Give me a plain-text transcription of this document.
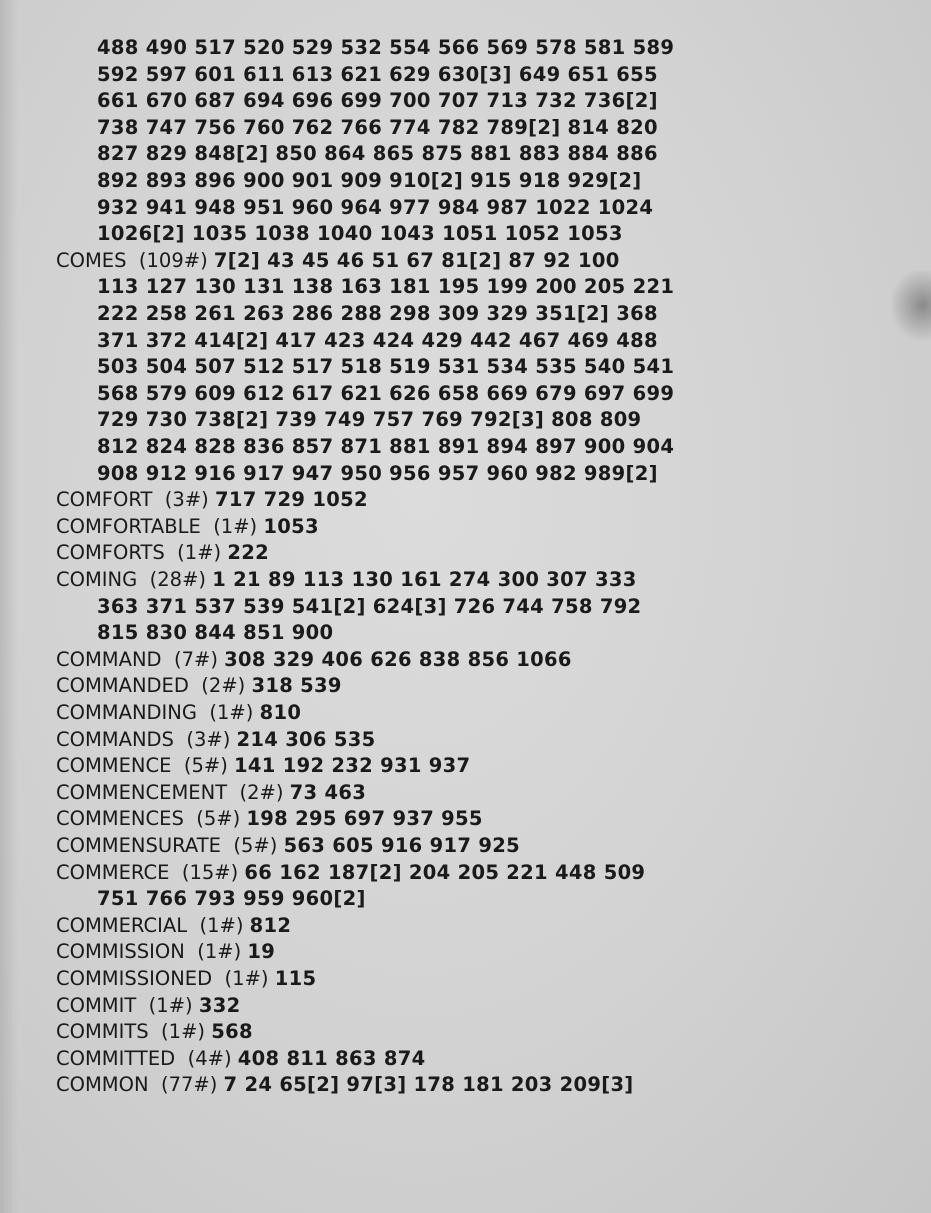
488 490 517 520 529 532 554 566 569 578 581 589
592 597 601 611 613 621 629 630[3] 649 651 655
661 670 687 694 696 699 700 707 713 732 736[2]
738 747 756 760 762 766 774 782 789[2] 814 820
827 829 848[2] 850 864 865 875 881 883 884 886
892 893 896 900 901 909 910[2] 915 918 929[2]
932 941 948 951 960 964 977 984 987 1022 1024
1026[2] 1035 1038 1040 1043 1051 1052 1053
COMES  (109#) 7[2] 43 45 46 51 67 81[2] 87 92 100
113 127 130 131 138 163 181 195 199 200 205 221
222 258 261 263 286 288 298 309 329 351[2] 368
371 372 414[2] 417 423 424 429 442 467 469 488
503 504 507 512 517 518 519 531 534 535 540 541
568 579 609 612 617 621 626 658 669 679 697 699
729 730 738[2] 739 749 757 769 792[3] 808 809
812 824 828 836 857 871 881 891 894 897 900 904
908 912 916 917 947 950 956 957 960 982 989[2]
COMFORT  (3#) 717 729 1052
COMFORTABLE  (1#) 1053
COMFORTS  (1#) 222
COMING  (28#) 1 21 89 113 130 161 274 300 307 333
363 371 537 539 541[2] 624[3] 726 744 758 792
815 830 844 851 900
COMMAND  (7#) 308 329 406 626 838 856 1066
COMMANDED  (2#) 318 539
COMMANDING  (1#) 810
COMMANDS  (3#) 214 306 535
COMMENCE  (5#) 141 192 232 931 937
COMMENCEMENT  (2#) 73 463
COMMENCES  (5#) 198 295 697 937 955
COMMENSURATE  (5#) 563 605 916 917 925
COMMERCE  (15#) 66 162 187[2] 204 205 221 448 509
751 766 793 959 960[2]
COMMERCIAL  (1#) 812
COMMISSION  (1#) 19
COMMISSIONED  (1#) 115
COMMIT  (1#) 332
COMMITS  (1#) 568
COMMITTED  (4#) 408 811 863 874
COMMON  (77#) 7 24 65[2] 97[3] 178 181 203 209[3]
